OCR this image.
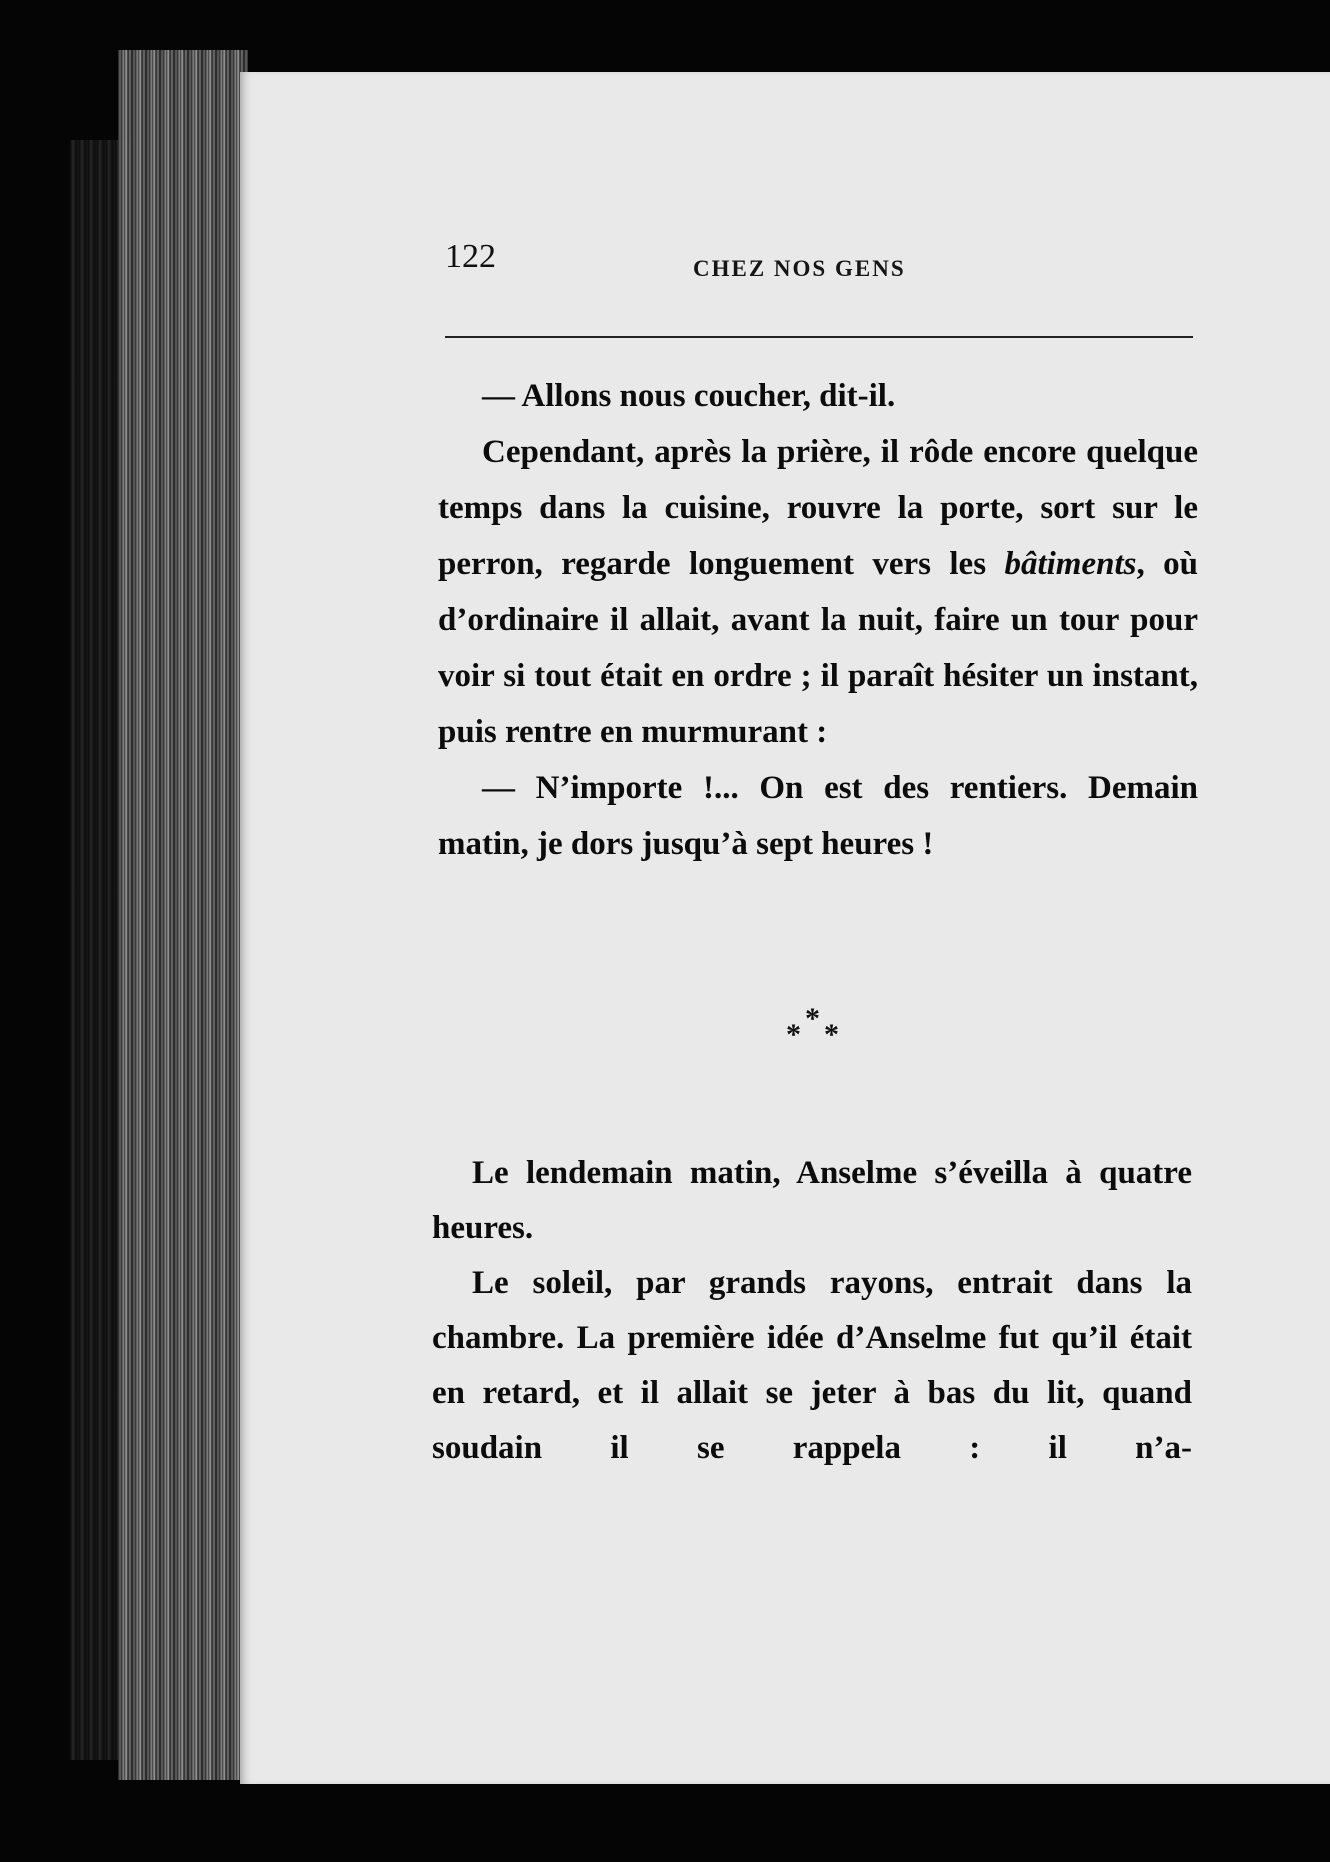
122	CHEZ NOS GENS

— Allons nous coucher, dit-il.

Cependant, après la prière, il rôde encore quelque temps dans la cuisine, rouvre la porte, sort sur le perron, regarde longuement vers les bâtiments, où d’ordinaire il allait, avant la nuit, faire un tour pour voir si tout était en ordre ; il paraît hésiter un instant, puis rentre en murmurant :

— N’importe !... On est des rentiers. Demain matin, je dors jusqu’à sept heures !

*
* *

Le lendemain matin, Anselme s’éveilla à quatre heures.

Le soleil, par grands rayons, entrait dans la chambre. La première idée d’Anselme fut qu’il était en retard, et il allait se jeter à bas du lit, quand soudain il se rappela : il n’a-
